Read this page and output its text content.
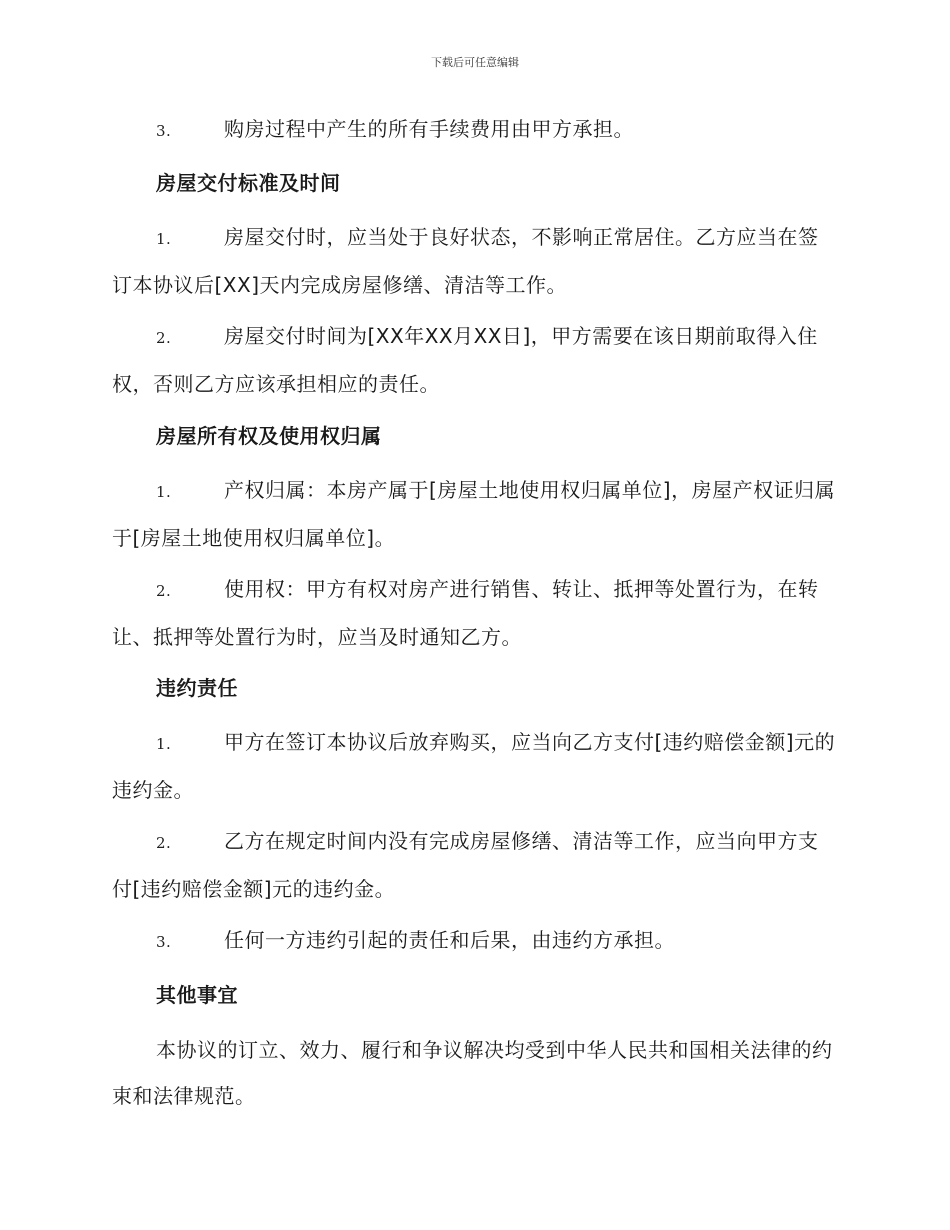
下载后可任意编辑
3.	购房过程中产生的所有手续费用由甲方承担。
房屋交付标准及时间
1.	房屋交付时，应当处于良好状态，不影响正常居住。乙方应当在签订本协议后[XX]天内完成房屋修缮、清洁等工作。
2.	房屋交付时间为[XX年XX月XX日]，甲方需要在该日期前取得入住权，否则乙方应该承担相应的责任。
房屋所有权及使用权归属
1.	产权归属：本房产属于[房屋土地使用权归属单位]，房屋产权证归属于[房屋土地使用权归属单位]。
2.	使用权：甲方有权对房产进行销售、转让、抵押等处置行为，在转让、抵押等处置行为时，应当及时通知乙方。
违约责任
1.	甲方在签订本协议后放弃购买，应当向乙方支付[违约赔偿金额]元的违约金。
2.	乙方在规定时间内没有完成房屋修缮、清洁等工作，应当向甲方支付[违约赔偿金额]元的违约金。
3.	任何一方违约引起的责任和后果，由违约方承担。
其他事宜
本协议的订立、效力、履行和争议解决均受到中华人民共和国相关法律的约束和法律规范。
